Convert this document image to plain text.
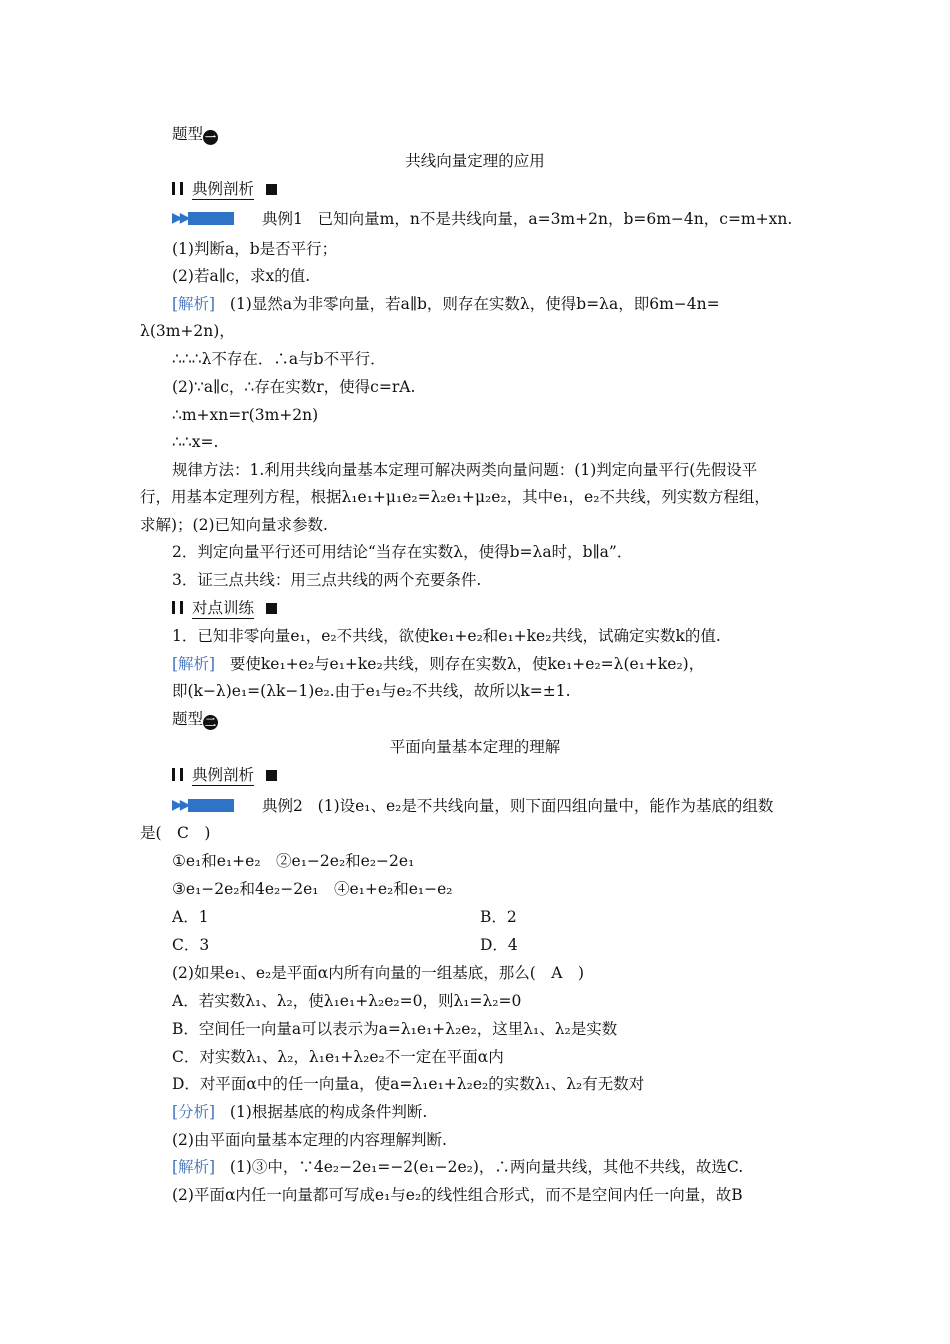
题型 一
共线向量定理的应用
典例剖析
▶▶	典例1 已知向量m，n不是共线向量，a=3m+2n，b=6m−4n，c=m+xn.
(1)判断a，b是否平行；
(2)若a∥c，求x的值.
[解析] (1)显然a为非零向量，若a∥b，则存在实数λ，使得b=λa，即6m−4n=
λ(3m+2n)，
∴∴∴λ不存在．∴a与b不平行．
(2)∵a∥c，∴存在实数r，使得c=rA.
∴m+xn=r(3m+2n)
∴∴x=.
规律方法：1.利用共线向量基本定理可解决两类向量问题：(1)判定向量平行(先假设平
行，用基本定理列方程，根据λ₁e₁+μ₁e₂=λ₂e₁+μ₂e₂，其中e₁，e₂不共线，列实数方程组，
求解)；(2)已知向量求参数.
2．判定向量平行还可用结论“当存在实数λ，使得b=λa时，b∥a”．
3．证三点共线：用三点共线的两个充要条件.
对点训练
1．已知非零向量e₁，e₂不共线，欲使ke₁+e₂和e₁+ke₂共线，试确定实数k的值.
[解析] 要使ke₁+e₂与e₁+ke₂共线，则存在实数λ，使ke₁+e₂=λ(e₁+ke₂)，
即(k−λ)e₁=(λk−1)e₂.由于e₁与e₂不共线，故所以k=±1.
题型 二
平面向量基本定理的理解
典例剖析
▶▶	典例2 (1)设e₁、e₂是不共线向量，则下面四组向量中，能作为基底的组数
是(　C　)
①e₁和e₁+e₂　②e₁−2e₂和e₂−2e₁
③e₁−2e₂和4e₂−2e₁　④e₁+e₂和e₁−e₂
A．1	B．2
C．3	D．4
(2)如果e₁、e₂是平面α内所有向量的一组基底，那么(　A　)
A．若实数λ₁、λ₂，使λ₁e₁+λ₂e₂=0，则λ₁=λ₂=0
B．空间任一向量a可以表示为a=λ₁e₁+λ₂e₂，这里λ₁、λ₂是实数
C．对实数λ₁、λ₂，λ₁e₁+λ₂e₂不一定在平面α内
D．对平面α中的任一向量a，使a=λ₁e₁+λ₂e₂的实数λ₁、λ₂有无数对
[分析] (1)根据基底的构成条件判断.
(2)由平面向量基本定理的内容理解判断.
[解析] (1)③中，∵4e₂−2e₁=−2(e₁−2e₂)，∴两向量共线，其他不共线，故选C.
(2)平面α内任一向量都可写成e₁与e₂的线性组合形式，而不是空间内任一向量，故B
